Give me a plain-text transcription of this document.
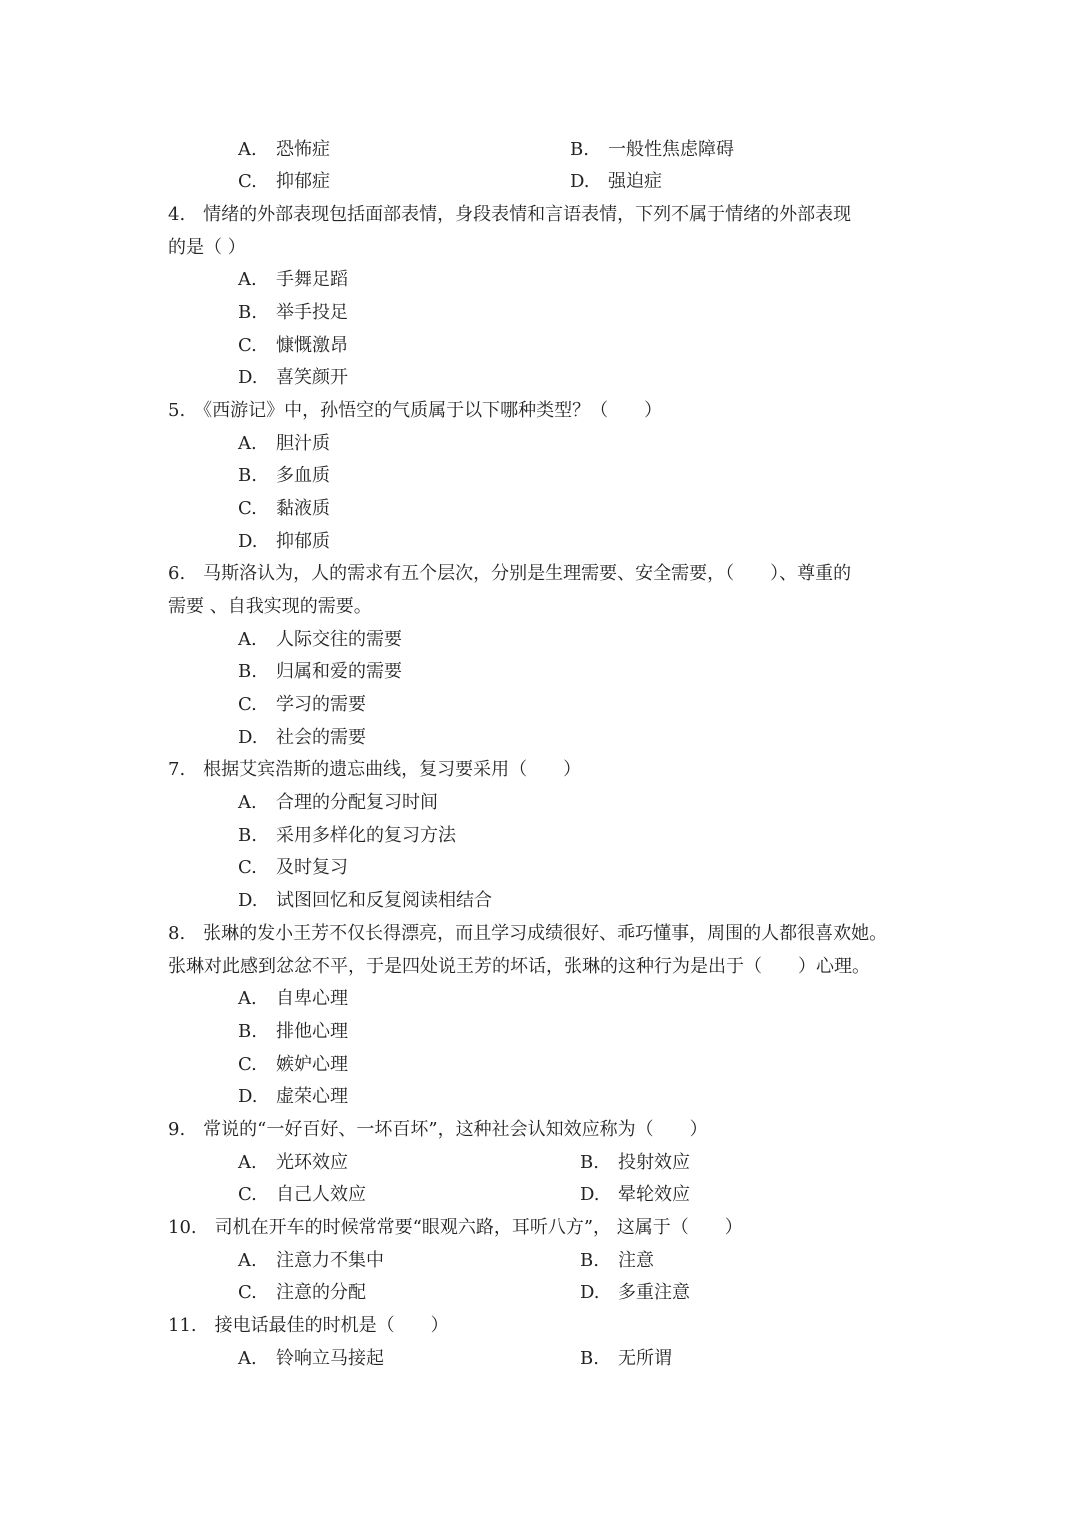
A. 恐怖症	B. 一般性焦虑障碍
C. 抑郁症	D. 强迫症
4.　情绪的外部表现包括面部表情，身段表情和言语表情，下列不属于情绪的外部表现
的是（ ）
A. 手舞足蹈
B. 举手投足
C. 慷慨激昂
D. 喜笑颜开
5.　《西游记》中，孙悟空的气质属于以下哪种类型？（　　）
A. 胆汁质
B. 多血质
C. 黏液质
D. 抑郁质
6.　马斯洛认为，人的需求有五个层次，分别是生理需要、安全需要，（　　）、尊重的
需要 、自我实现的需要。
A. 人际交往的需要
B. 归属和爱的需要
C. 学习的需要
D. 社会的需要
7.　根据艾宾浩斯的遗忘曲线，复习要采用（　　）
A. 合理的分配复习时间
B. 采用多样化的复习方法
C. 及时复习
D. 试图回忆和反复阅读相结合
8.　张琳的发小王芳不仅长得漂亮，而且学习成绩很好、乖巧懂事，周围的人都很喜欢她。
张琳对此感到忿忿不平，于是四处说王芳的坏话，张琳的这种行为是出于（　　）心理。
A. 自卑心理
B. 排他心理
C. 嫉妒心理
D. 虚荣心理
9.　常说的“一好百好、一坏百坏”，这种社会认知效应称为（　　）
A. 光环效应	B. 投射效应
C. 自己人效应	D. 晕轮效应
10.　司机在开车的时候常常要“眼观六路，耳听八方”， 这属于（　　）
A. 注意力不集中	B. 注意
C. 注意的分配	D. 多重注意
11.　接电话最佳的时机是（　　）
A. 铃响立马接起	B. 无所谓
